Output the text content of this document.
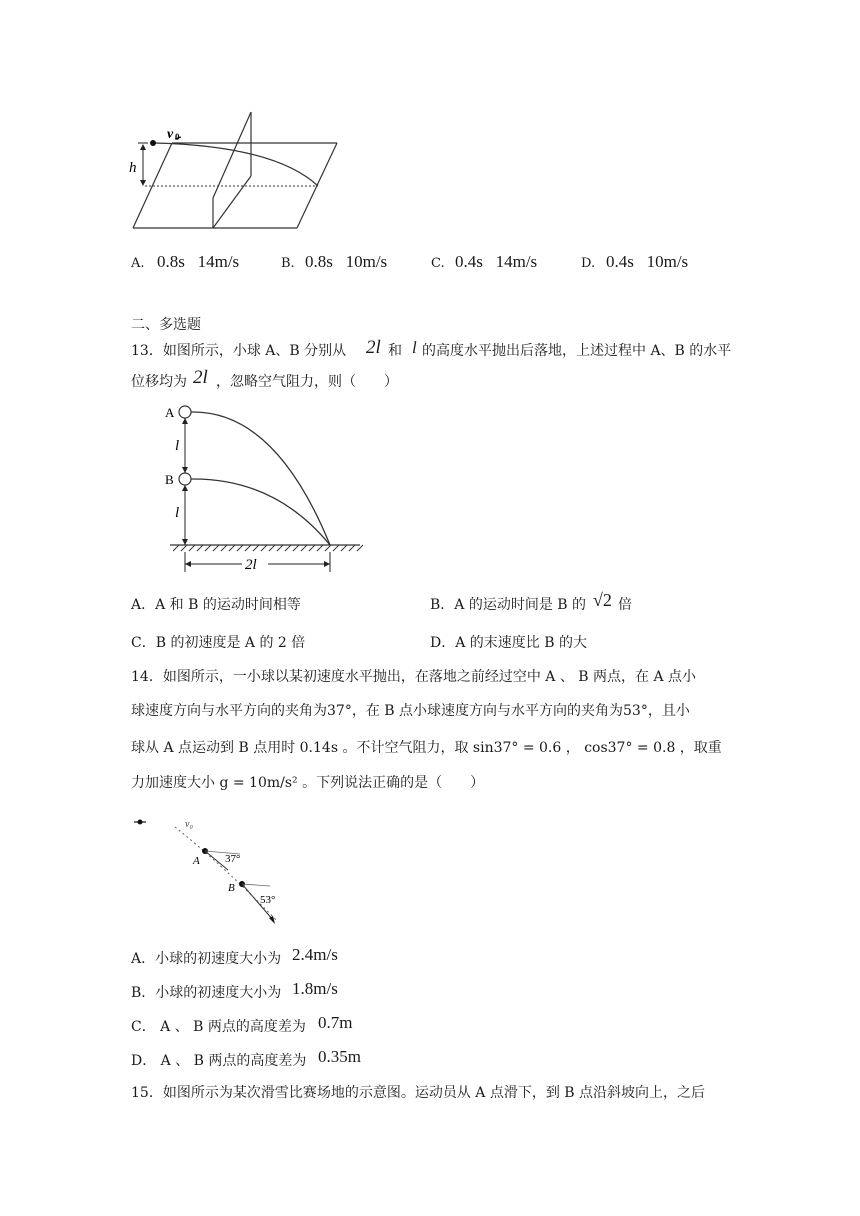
v 0
h
A. 0.8s   14m/s	B. 0.8s   10m/s	C. 0.4s   14m/s	D. 0.4s   10m/s
二、多选题
13．如图所示，小球 A、B 分别从 2l 和 l 的高度水平抛出后落地，上述过程中 A、B 的水平
位移均为 2l ，忽略空气阻力，则（　　）
A
B
l
l
2l
A．A 和 B 的运动时间相等	B．A 的运动时间是 B 的 √2 倍
C．B 的初速度是 A 的 2 倍	D．A 的末速度比 B 的大
14．如图所示，一小球以某初速度水平抛出，在落地之前经过空中 A 、 B 两点，在 A 点小
球速度方向与水平方向的夹角为37°，在 B 点小球速度方向与水平方向的夹角为53°，且小
球从 A 点运动到 B 点用时 0.14s 。不计空气阻力，取 sin37° = 0.6 ， cos37° = 0.8 ，取重
力加速度大小 g = 10m/s² 。下列说法正确的是（　　）
v₀
A 37°
B
53°
A．小球的初速度大小为 2.4m/s
B．小球的初速度大小为 1.8m/s
C． A 、 B 两点的高度差为 0.7m
D． A 、 B 两点的高度差为 0.35m
15．如图所示为某次滑雪比赛场地的示意图。运动员从 A 点滑下，到 B 点沿斜坡向上，之后
